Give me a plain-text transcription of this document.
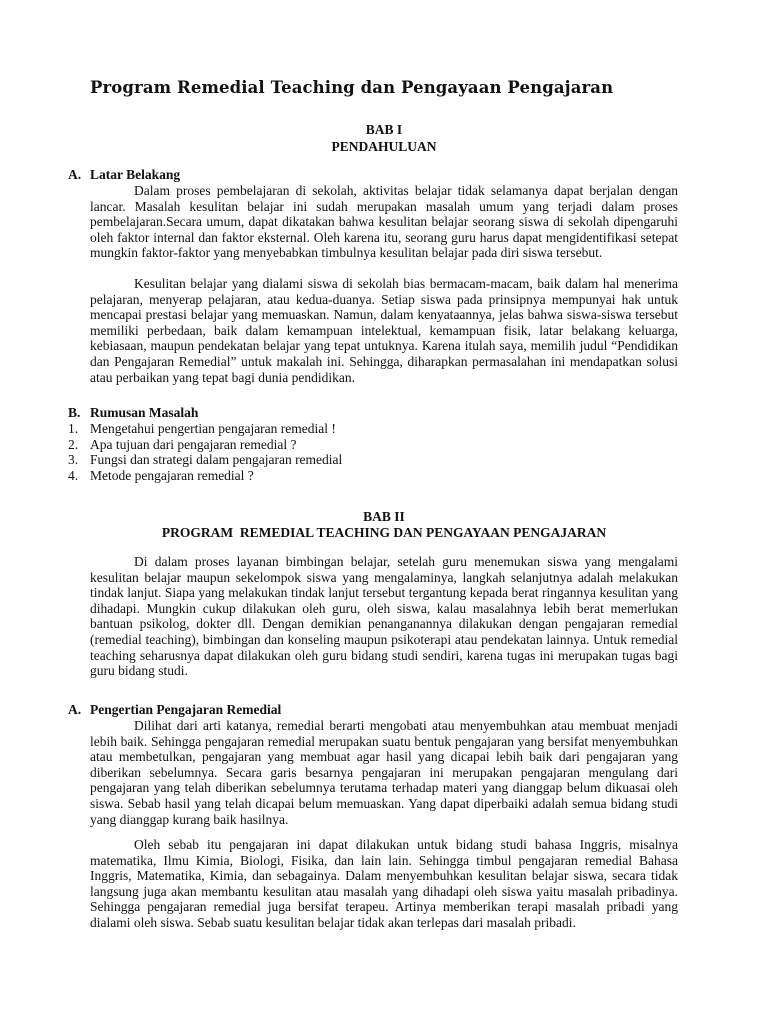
Program Remedial Teaching dan Pengayaan Pengajaran
BAB I
PENDAHULUAN
A. Latar Belakang
Dalam proses pembelajaran di sekolah, aktivitas belajar tidak selamanya dapat berjalan dengan lancar. Masalah kesulitan belajar ini sudah merupakan masalah umum yang terjadi dalam proses pembelajaran.Secara umum, dapat dikatakan bahwa kesulitan belajar seorang siswa di sekolah dipengaruhi oleh faktor internal dan faktor eksternal. Oleh karena itu, seorang guru harus dapat mengidentifikasi setepat mungkin faktor-faktor yang menyebabkan timbulnya kesulitan belajar pada diri siswa tersebut.
Kesulitan belajar yang dialami siswa di sekolah bias bermacam-macam, baik dalam hal menerima pelajaran, menyerap pelajaran, atau kedua-duanya. Setiap siswa pada prinsipnya mempunyai hak untuk mencapai prestasi belajar yang memuaskan. Namun, dalam kenyataannya, jelas bahwa siswa-siswa tersebut memiliki perbedaan, baik dalam kemampuan intelektual, kemampuan fisik, latar belakang keluarga, kebiasaan, maupun pendekatan belajar yang tepat untuknya. Karena itulah saya, memilih judul “Pendidikan dan Pengajaran Remedial” untuk makalah ini. Sehingga, diharapkan permasalahan ini mendapatkan solusi atau perbaikan yang tepat bagi dunia pendidikan.
B. Rumusan Masalah
1. Mengetahui pengertian pengajaran remedial !
2. Apa tujuan dari pengajaran remedial ?
3. Fungsi dan strategi dalam pengajaran remedial
4. Metode pengajaran remedial ?
BAB II
PROGRAM  REMEDIAL TEACHING DAN PENGAYAAN PENGAJARAN
Di dalam proses layanan bimbingan belajar, setelah guru menemukan siswa yang mengalami kesulitan belajar maupun sekelompok siswa yang mengalaminya, langkah selanjutnya adalah melakukan tindak lanjut. Siapa yang melakukan tindak lanjut tersebut tergantung kepada berat ringannya kesulitan yang dihadapi. Mungkin cukup dilakukan oleh guru, oleh siswa, kalau masalahnya lebih berat memerlukan bantuan psikolog, dokter dll. Dengan demikian penanganannya dilakukan dengan pengajaran remedial (remedial teaching), bimbingan dan konseling maupun psikoterapi atau pendekatan lainnya. Untuk remedial teaching seharusnya dapat dilakukan oleh guru bidang studi sendiri, karena tugas ini merupakan tugas bagi guru bidang studi.
A. Pengertian Pengajaran Remedial
Dilihat dari arti katanya, remedial berarti mengobati atau menyembuhkan atau membuat menjadi lebih baik. Sehingga pengajaran remedial merupakan suatu bentuk pengajaran yang bersifat menyembuhkan atau membetulkan, pengajaran yang membuat agar hasil yang dicapai lebih baik dari pengajaran yang diberikan sebelumnya. Secara garis besarnya pengajaran ini merupakan pengajaran mengulang dari pengajaran yang telah diberikan sebelumnya terutama terhadap materi yang dianggap belum dikuasai oleh siswa. Sebab hasil yang telah dicapai belum memuaskan. Yang dapat diperbaiki adalah semua bidang studi yang dianggap kurang baik hasilnya.
Oleh sebab itu pengajaran ini dapat dilakukan untuk bidang studi bahasa Inggris, misalnya matematika, Ilmu Kimia, Biologi, Fisika, dan lain lain. Sehingga timbul pengajaran remedial Bahasa Inggris, Matematika, Kimia, dan sebagainya. Dalam menyembuhkan kesulitan belajar siswa, secara tidak langsung juga akan membantu kesulitan atau masalah yang dihadapi oleh siswa yaitu masalah pribadinya. Sehingga pengajaran remedial juga bersifat terapeu. Artinya memberikan terapi masalah pribadi yang dialami oleh siswa. Sebab suatu kesulitan belajar tidak akan terlepas dari masalah pribadi.
